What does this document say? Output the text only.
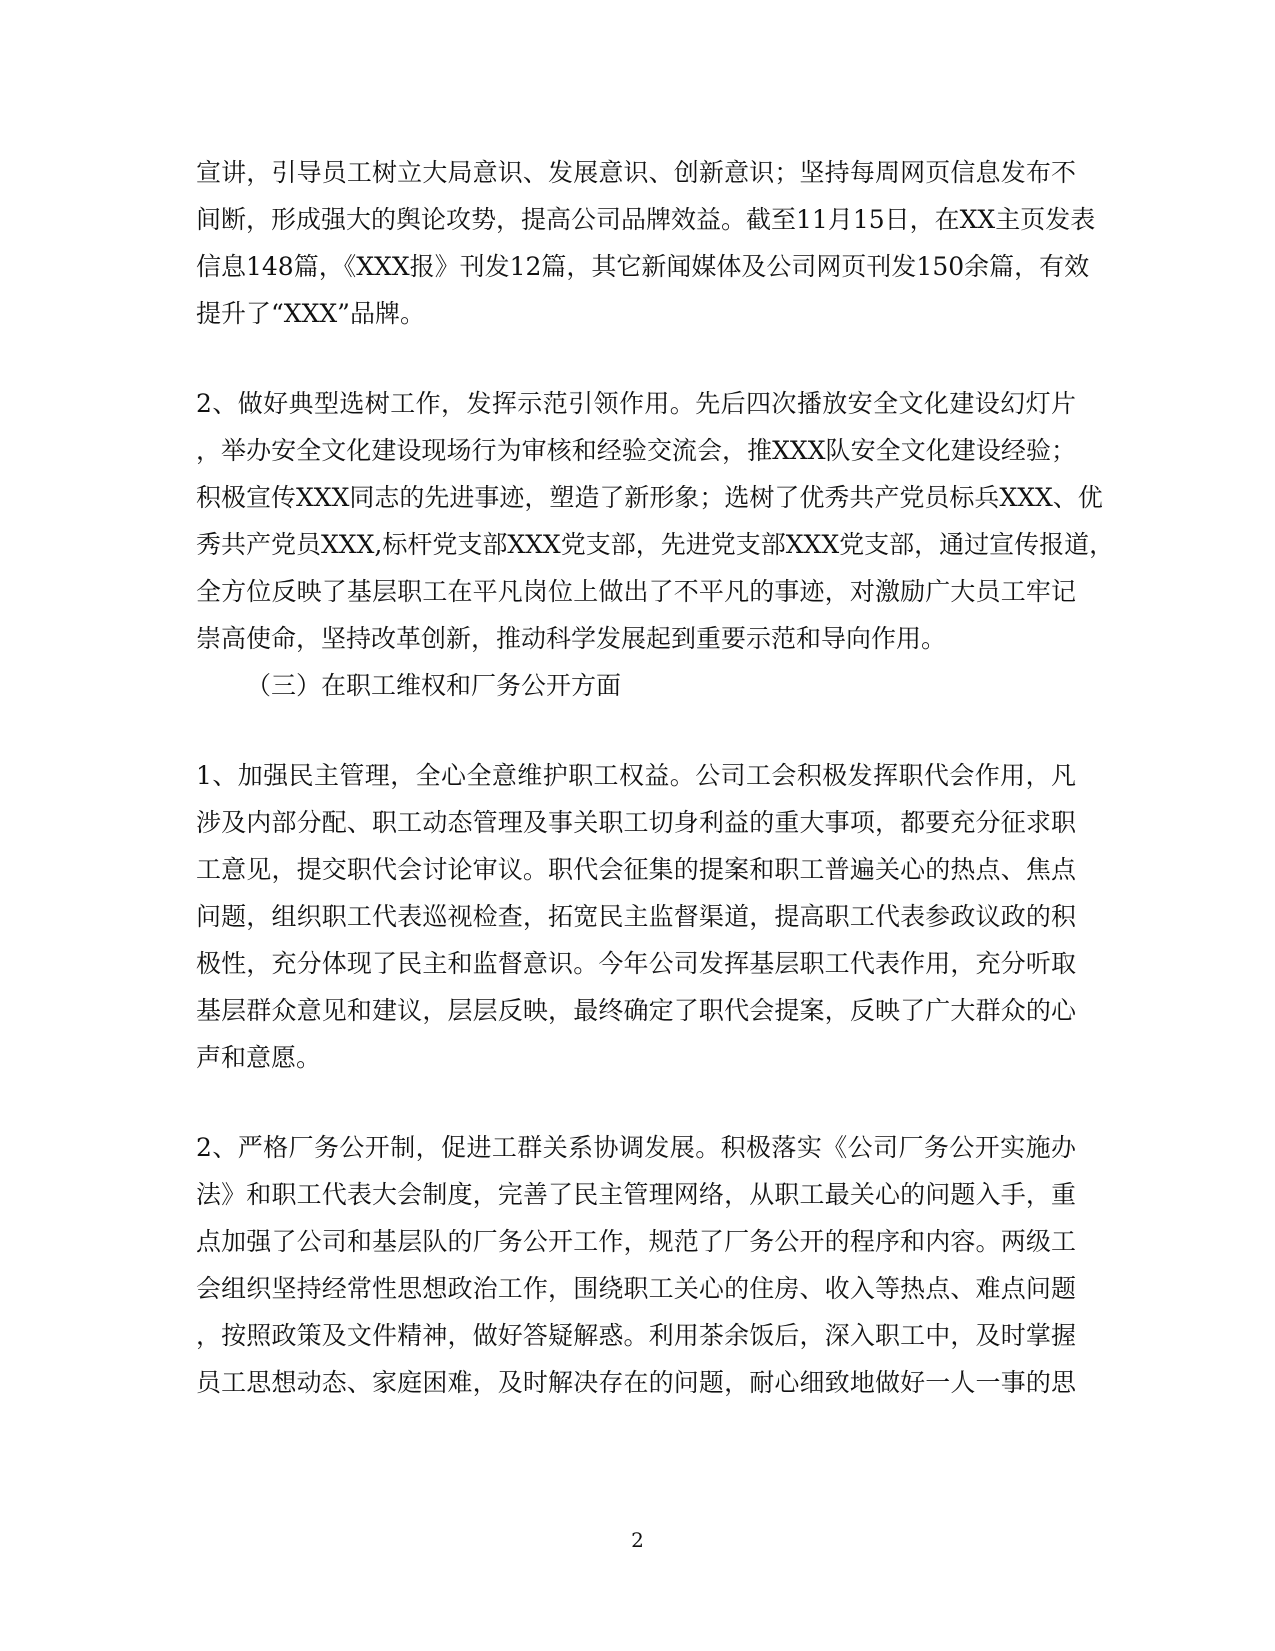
宣讲，引导员工树立大局意识、发展意识、创新意识；坚持每周网页信息发布不
间断，形成强大的舆论攻势，提高公司品牌效益。截至11月15日，在XX主页发表
信息148篇，《XXX报》刊发12篇，其它新闻媒体及公司网页刊发150余篇，有效
提升了“XXX”品牌。
2、做好典型选树工作，发挥示范引领作用。先后四次播放安全文化建设幻灯片
，举办安全文化建设现场行为审核和经验交流会，推XXX队安全文化建设经验；
积极宣传XXX同志的先进事迹，塑造了新形象；选树了优秀共产党员标兵XXX、优
秀共产党员XXX,标杆党支部XXX党支部，先进党支部XXX党支部，通过宣传报道，
全方位反映了基层职工在平凡岗位上做出了不平凡的事迹，对激励广大员工牢记
崇高使命，坚持改革创新，推动科学发展起到重要示范和导向作用。
（三）在职工维权和厂务公开方面
1、加强民主管理，全心全意维护职工权益。公司工会积极发挥职代会作用，凡
涉及内部分配、职工动态管理及事关职工切身利益的重大事项，都要充分征求职
工意见，提交职代会讨论审议。职代会征集的提案和职工普遍关心的热点、焦点
问题，组织职工代表巡视检查，拓宽民主监督渠道，提高职工代表参政议政的积
极性，充分体现了民主和监督意识。今年公司发挥基层职工代表作用，充分听取
基层群众意见和建议，层层反映，最终确定了职代会提案，反映了广大群众的心
声和意愿。
2、严格厂务公开制，促进工群关系协调发展。积极落实《公司厂务公开实施办
法》和职工代表大会制度，完善了民主管理网络，从职工最关心的问题入手，重
点加强了公司和基层队的厂务公开工作，规范了厂务公开的程序和内容。两级工
会组织坚持经常性思想政治工作，围绕职工关心的住房、收入等热点、难点问题
，按照政策及文件精神，做好答疑解惑。利用茶余饭后，深入职工中，及时掌握
员工思想动态、家庭困难，及时解决存在的问题，耐心细致地做好一人一事的思
2
